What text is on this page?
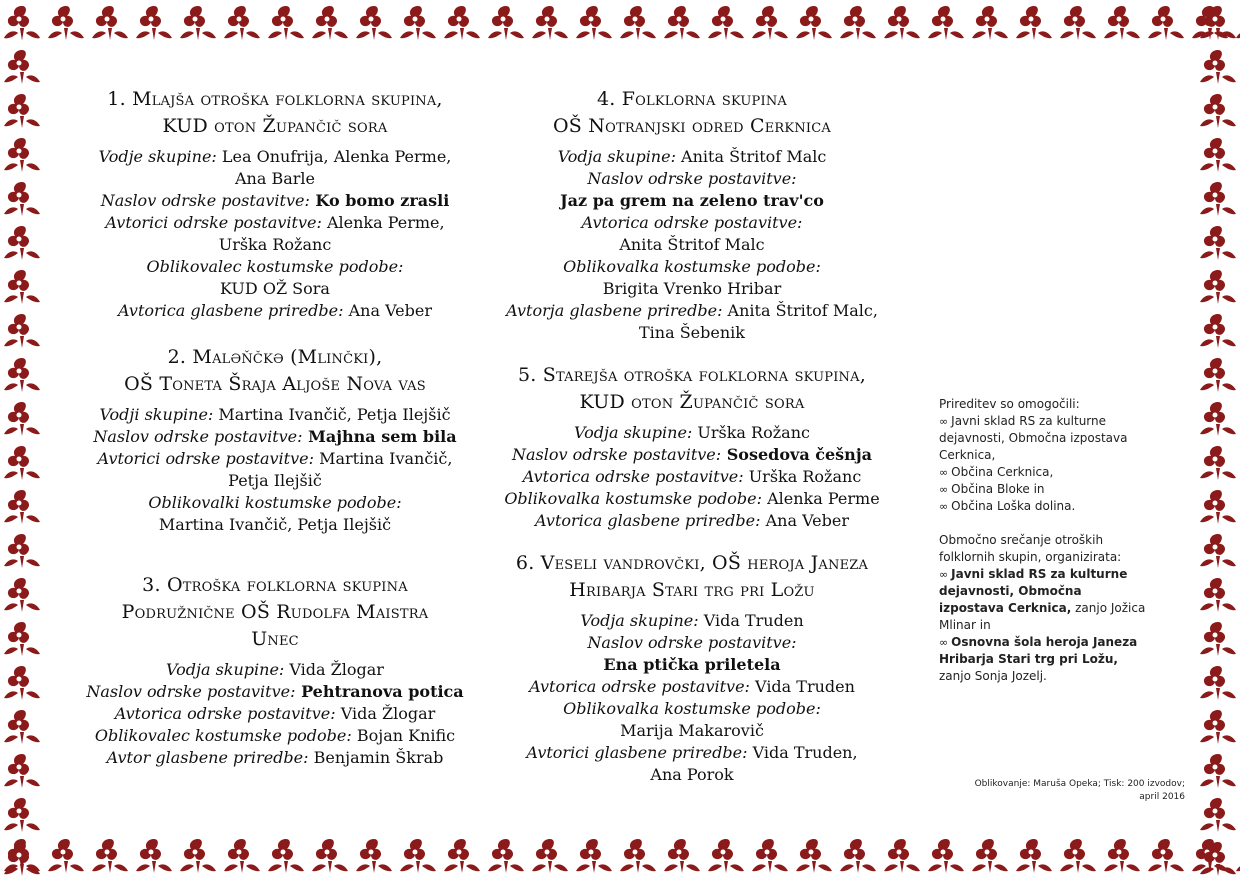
1. Mlajša otroška folklorna skupina,
KUD oton Župančič sora

Vodje skupine: Lea Onufrija, Alenka Perme,

Ana Barle

Naslov odrske postavitve: Ko bomo zrasli

Avtorici odrske postavitve: Alenka Perme,

Urška Rožanc

Oblikovalec kostumske podobe:

KUD OŽ Sora

Avtorica glasbene priredbe: Ana Veber

2. Maləňčkə (Mlinčki),
OŠ Toneta Šraja Aljoše Nova vas

Vodji skupine: Martina Ivančič, Petja Ilejšič

Naslov odrske postavitve: Majhna sem bila

Avtorici odrske postavitve: Martina Ivančič,

Petja Ilejšič

Oblikovalki kostumske podobe:

Martina Ivančič, Petja Ilejšič

3. Otroška folklorna skupina
Podružnične OŠ Rudolfa Maistra
Unec

Vodja skupine: Vida Žlogar

Naslov odrske postavitve: Pehtranova potica

Avtorica odrske postavitve: Vida Žlogar

Oblikovalec kostumske podobe: Bojan Knific

Avtor glasbene priredbe: Benjamin Škrab

4. Folklorna skupina
OŠ Notranjski odred Cerknica

Vodja skupine: Anita Štritof Malc

Naslov odrske postavitve:

Jaz pa grem na zeleno trav'co

Avtorica odrske postavitve:

Anita Štritof Malc

Oblikovalka kostumske podobe:

Brigita Vrenko Hribar

Avtorja glasbene priredbe: Anita Štritof Malc,

Tina Šebenik

5. Starejša otroška folklorna skupina,
KUD oton Župančič sora

Vodja skupine: Urška Rožanc

Naslov odrske postavitve: Sosedova češnja

Avtorica odrske postavitve: Urška Rožanc

Oblikovalka kostumske podobe: Alenka Perme

Avtorica glasbene priredbe: Ana Veber

6. Veseli vandrovčki, OŠ heroja Janeza
Hribarja Stari trg pri Ložu

Vodja skupine: Vida Truden

Naslov odrske postavitve:

Ena ptička priletela

Avtorica odrske postavitve: Vida Truden

Oblikovalka kostumske podobe:

Marija Makarovič

Avtorici glasbene priredbe: Vida Truden,

Ana Porok

Prireditev so omogočili:

∞ Javni sklad RS za kulturne dejavnosti, Območna izpostava Cerknica,

∞ Občina Cerknica,

∞ Občina Bloke in

∞ Občina Loška dolina.

Območno srečanje otroških folklornih skupin, organizirata:

∞ Javni sklad RS za kulturne dejavnosti, Območna izpostava Cerknica, zanjo Jožica Mlinar in

∞ Osnovna šola heroja Janeza Hribarja Stari trg pri Ložu, zanjo Sonja Jozelj.

Oblikovanje: Maruša Opeka; Tisk: 200 izvodov;
april 2016
